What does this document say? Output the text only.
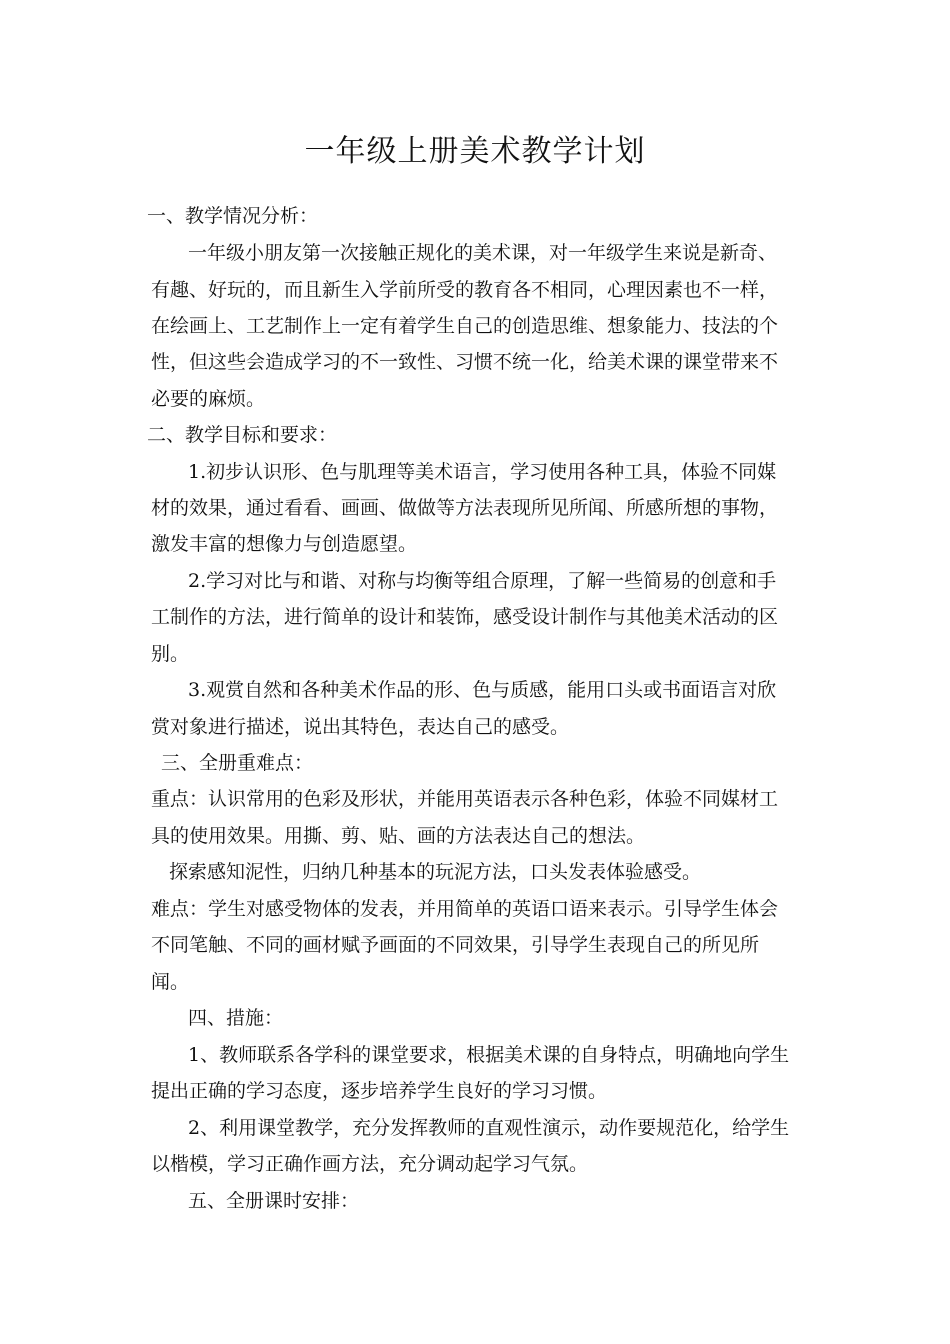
一年级上册美术教学计划
一、教学情况分析：
一年级小朋友第一次接触正规化的美术课，对一年级学生来说是新奇、
有趣、好玩的，而且新生入学前所受的教育各不相同，心理因素也不一样，
在绘画上、工艺制作上一定有着学生自己的创造思维、想象能力、技法的个
性，但这些会造成学习的不一致性、习惯不统一化，给美术课的课堂带来不
必要的麻烦。
二、教学目标和要求：
1.初步认识形、色与肌理等美术语言，学习使用各种工具，体验不同媒
材的效果，通过看看、画画、做做等方法表现所见所闻、所感所想的事物，
激发丰富的想像力与创造愿望。
2.学习对比与和谐、对称与均衡等组合原理，了解一些简易的创意和手
工制作的方法，进行简单的设计和装饰，感受设计制作与其他美术活动的区
别。
3.观赏自然和各种美术作品的形、色与质感，能用口头或书面语言对欣
赏对象进行描述，说出其特色，表达自己的感受。
三、全册重难点：
重点：认识常用的色彩及形状，并能用英语表示各种色彩，体验不同媒材工
具的使用效果。用撕、剪、贴、画的方法表达自己的想法。
探索感知泥性，归纳几种基本的玩泥方法，口头发表体验感受。
难点：学生对感受物体的发表，并用简单的英语口语来表示。引导学生体会
不同笔触、不同的画材赋予画面的不同效果，引导学生表现自己的所见所
闻。
四、措施：
1、教师联系各学科的课堂要求，根据美术课的自身特点，明确地向学生
提出正确的学习态度，逐步培养学生良好的学习习惯。
2、利用课堂教学，充分发挥教师的直观性演示，动作要规范化，给学生
以楷模，学习正确作画方法，充分调动起学习气氛。
五、全册课时安排：
